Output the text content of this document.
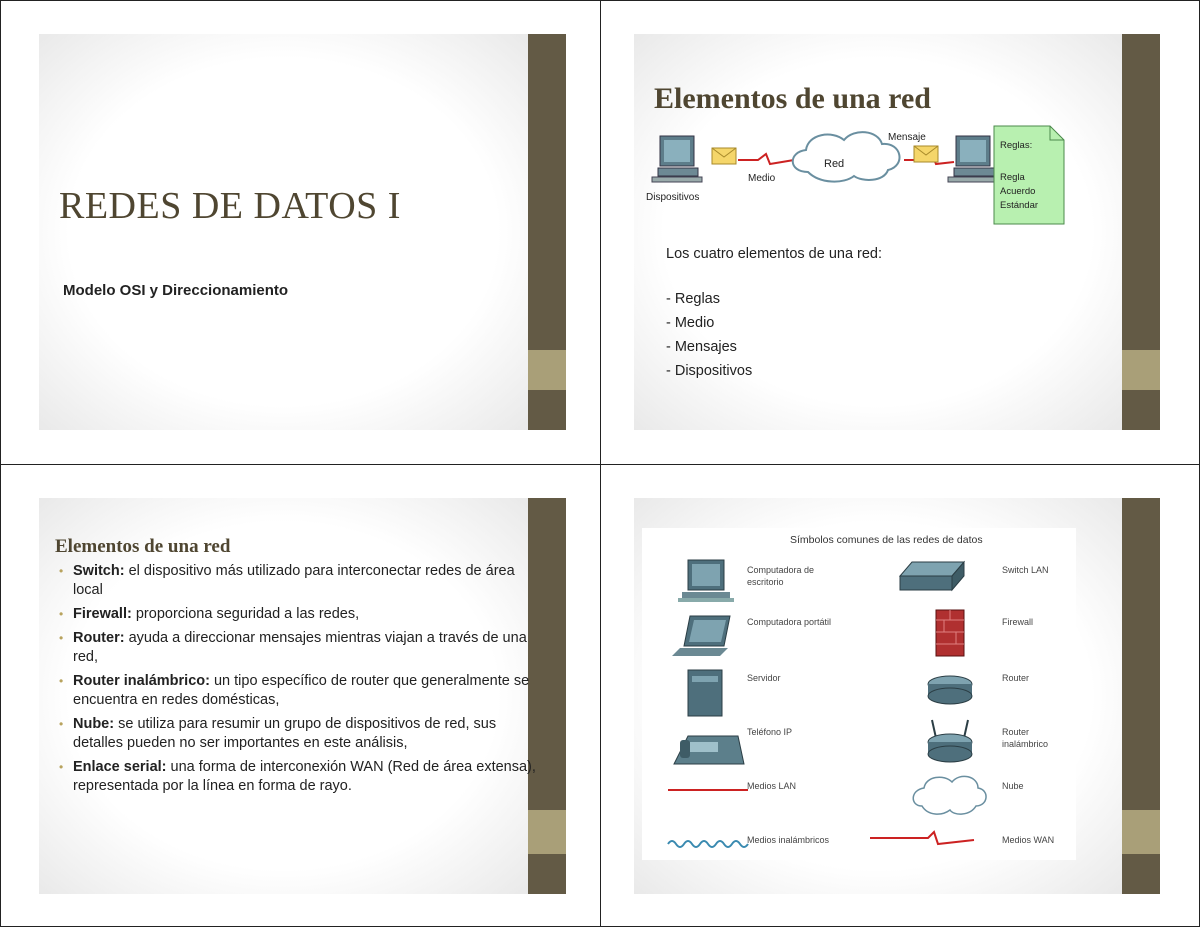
REDES DE DATOS I
Modelo OSI y Direccionamiento
Elementos de una red
Dispositivos
Medio
Red
Mensaje
Reglas:
Regla
Acuerdo
Estándar
Los cuatro elementos de una red:
- Reglas
- Medio
- Mensajes
- Dispositivos
Elementos de una red
• Switch: el dispositivo más utilizado para interconectar redes de área local
• Firewall: proporciona seguridad a las redes,
• Router: ayuda a direccionar mensajes mientras viajan a través de una red,
• Router inalámbrico: un tipo específico de router que generalmente se encuentra en redes domésticas,
• Nube: se utiliza para resumir un grupo de dispositivos de red, sus detalles pueden no ser importantes en este análisis,
• Enlace serial: una forma de interconexión WAN (Red de área extensa), representada por la línea en forma de rayo.
Símbolos comunes de las redes de datos
Computadora de escritorio
Computadora portátil
Servidor
Teléfono IP
Medios LAN
Medios inalámbricos
Switch LAN
Firewall
Router
Router inalámbrico
Nube
Medios WAN
